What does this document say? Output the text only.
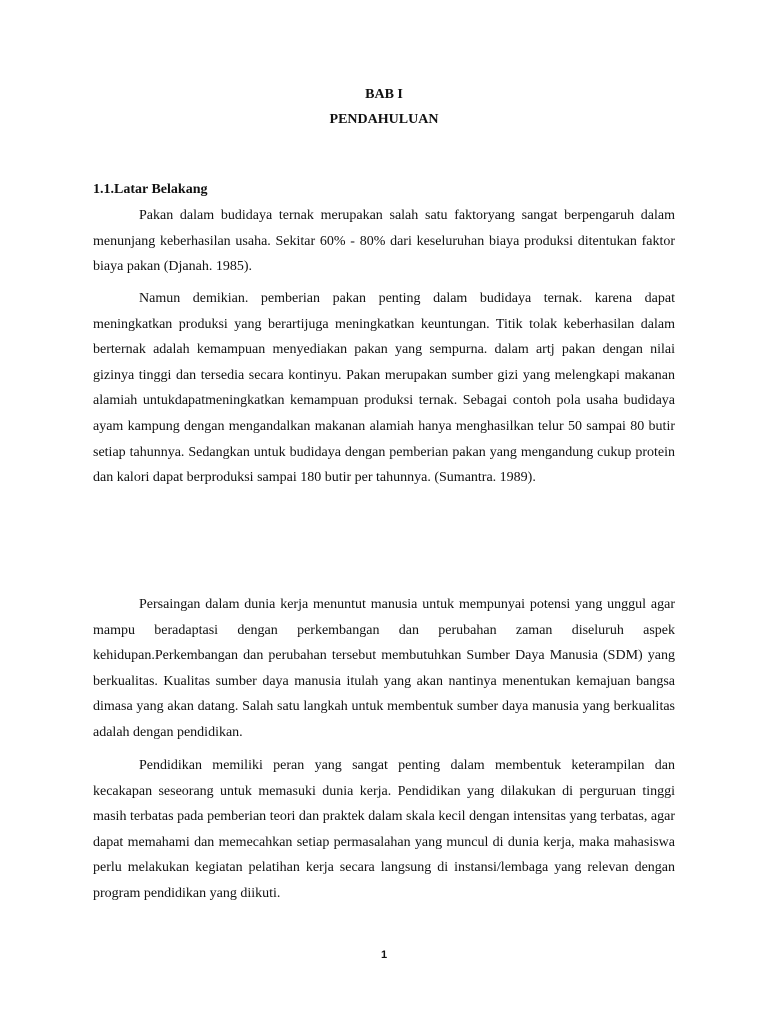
BAB I
PENDAHULUAN
1.1.Latar Belakang

Pakan dalam budidaya ternak merupakan salah satu faktoryang sangat berpengaruh dalam menunjang keberhasilan usaha. Sekitar 60% - 80% dari keseluruhan biaya produksi ditentukan faktor biaya pakan (Djanah. 1985).

Namun demikian. pemberian pakan penting dalam budidaya ternak. karena dapat meningkatkan produksi yang berartijuga meningkatkan keuntungan. Titik tolak keberhasilan dalam berternak adalah kemampuan menyediakan pakan yang sempurna. dalam artj pakan dengan nilai gizinya tinggi dan tersedia secara kontinyu. Pakan merupakan sumber gizi yang melengkapi makanan alamiah untukdapatmeningkatkan kemampuan produksi ternak. Sebagai contoh pola usaha budidaya ayam kampung dengan mengandalkan makanan alamiah hanya menghasilkan telur 50 sampai 80 butir setiap tahunnya. Sedangkan untuk budidaya dengan pemberian pakan yang mengandung cukup protein dan kalori dapat berproduksi sampai 180 butir per tahunnya. (Sumantra. 1989).

Persaingan dalam dunia kerja menuntut manusia untuk mempunyai potensi yang unggul agar mampu beradaptasi dengan perkembangan dan perubahan zaman diseluruh aspek kehidupan.Perkembangan dan perubahan tersebut membutuhkan Sumber Daya Manusia (SDM) yang berkualitas. Kualitas sumber daya manusia itulah yang akan nantinya menentukan kemajuan bangsa dimasa yang akan datang. Salah satu langkah untuk membentuk sumber daya manusia yang berkualitas adalah dengan pendidikan.

Pendidikan memiliki peran yang sangat penting dalam membentuk keterampilan dan kecakapan seseorang untuk memasuki dunia kerja. Pendidikan yang dilakukan di perguruan tinggi masih terbatas pada pemberian teori dan praktek dalam skala kecil dengan intensitas yang terbatas, agar dapat memahami dan memecahkan setiap permasalahan yang muncul di dunia kerja, maka mahasiswa perlu melakukan kegiatan pelatihan kerja secara langsung di instansi/lembaga yang relevan dengan program pendidikan yang diikuti.

1
